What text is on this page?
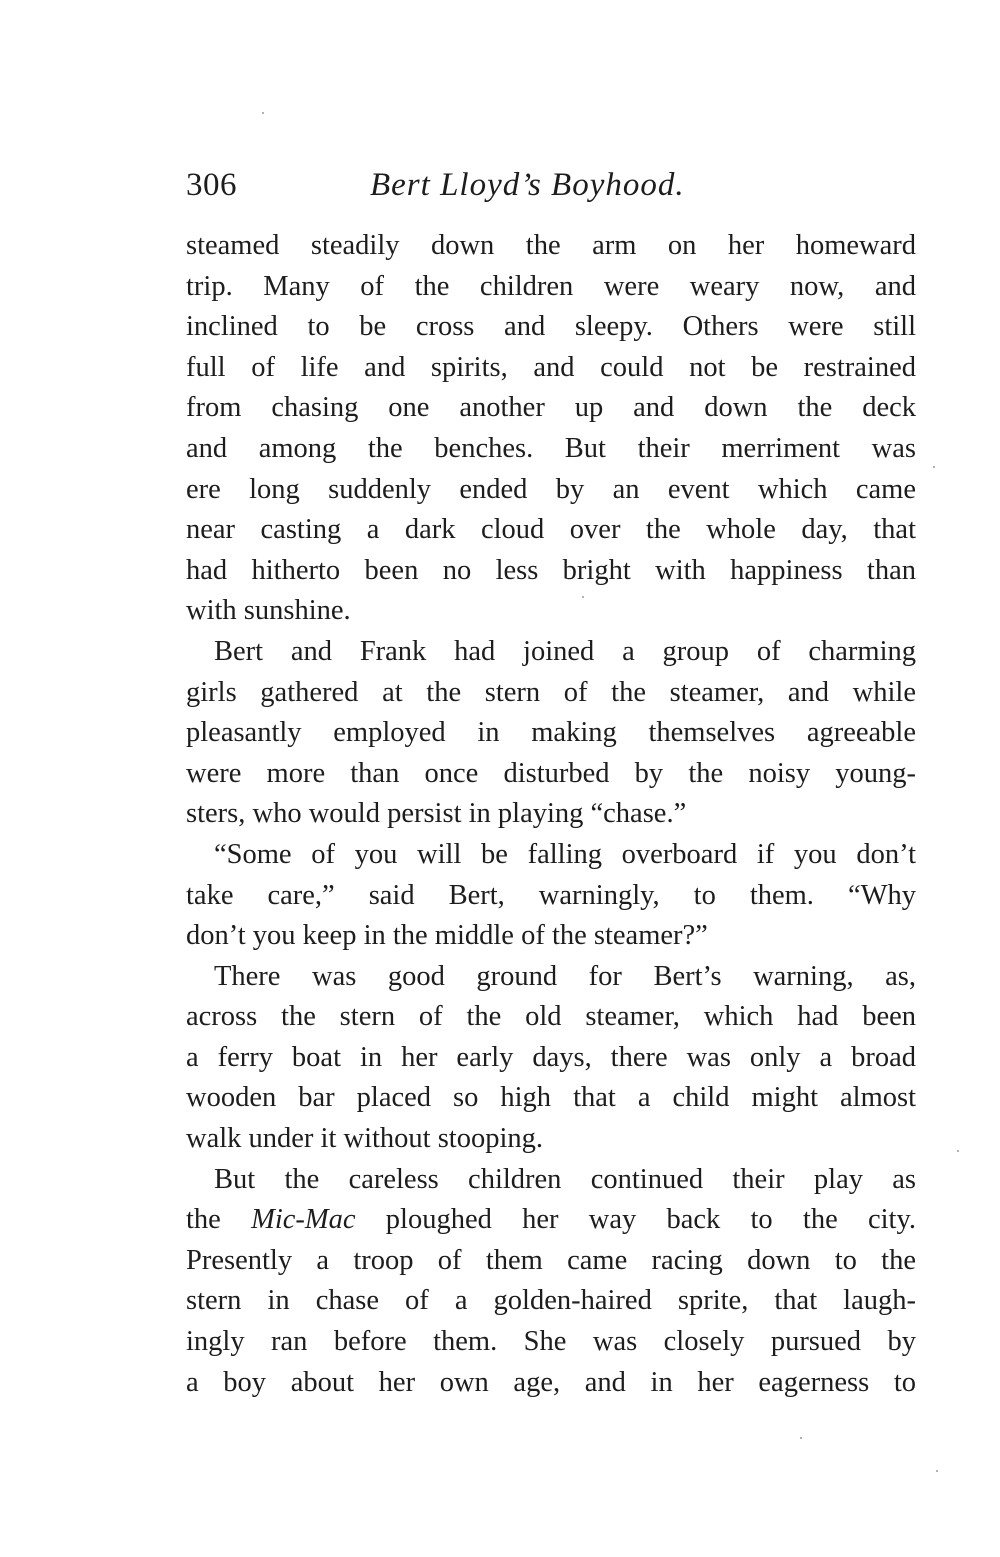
306	Bert Lloyd’s Boyhood.
steamed steadily down the arm on her homeward
trip. Many of the children were weary now, and
inclined to be cross and sleepy. Others were still
full of life and spirits, and could not be restrained
from chasing one another up and down the deck
and among the benches. But their merriment was
ere long suddenly ended by an event which came
near casting a dark cloud over the whole day, that
had hitherto been no less bright with happiness than
with sunshine.
Bert and Frank had joined a group of charming
girls gathered at the stern of the steamer, and while
pleasantly employed in making themselves agreeable
were more than once disturbed by the noisy young-
sters, who would persist in playing “chase.”
“Some of you will be falling overboard if you don’t
take care,” said Bert, warningly, to them. “Why
don’t you keep in the middle of the steamer?”
There was good ground for Bert’s warning, as,
across the stern of the old steamer, which had been
a ferry boat in her early days, there was only a broad
wooden bar placed so high that a child might almost
walk under it without stooping.
But the careless children continued their play as
the Mic-Mac ploughed her way back to the city.
Presently a troop of them came racing down to the
stern in chase of a golden-haired sprite, that laugh-
ingly ran before them. She was closely pursued by
a boy about her own age, and in her eagerness to
